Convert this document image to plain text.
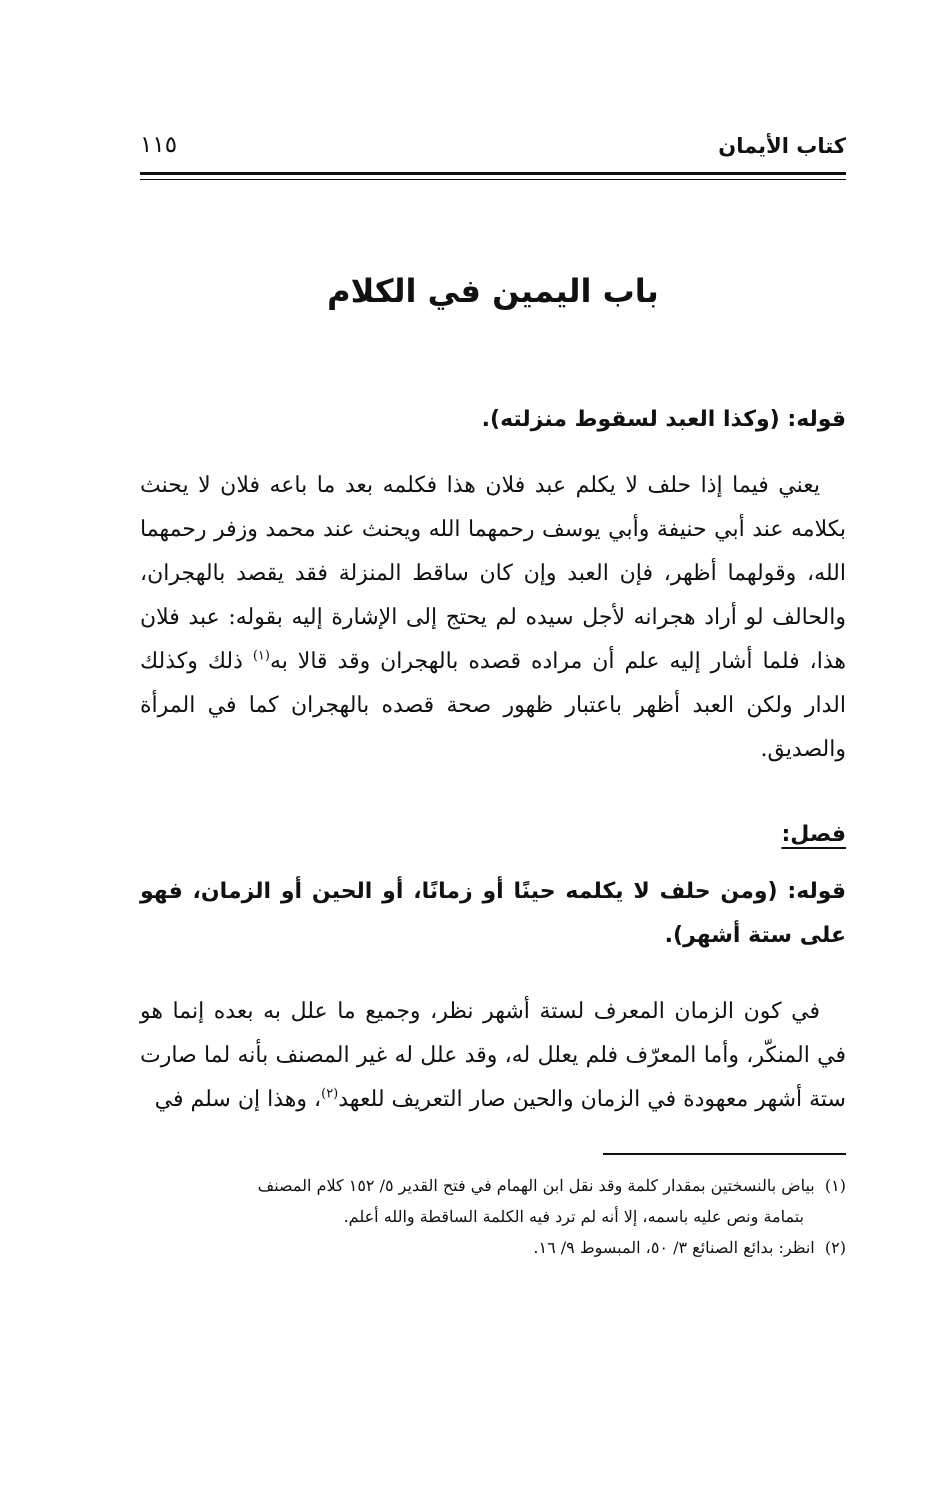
كتاب الأيمان
١١٥
باب اليمين في الكلام
قوله: (وكذا العبد لسقوط منزلته).
يعني فيما إذا حلف لا يكلم عبد فلان هذا فكلمه بعد ما باعه فلان لا يحنث بكلامه عند أبي حنيفة وأبي يوسف رحمهما الله ويحنث عند محمد وزفر رحمهما الله، وقولهما أظهر، فإن العبد وإن كان ساقط المنزلة فقد يقصد بالهجران، والحالف لو أراد هجرانه لأجل سيده لم يحتج إلى الإشارة إليه بقوله: عبد فلان هذا، فلما أشار إليه علم أن مراده قصده بالهجران وقد قالا به$^{(١)}$ ذلك وكذلك الدار ولكن العبد أظهر باعتبار ظهور صحة قصده بالهجران كما في المرأة والصديق.
فصل:
قوله: (ومن حلف لا يكلمه حينًا أو زمانًا، أو الحين أو الزمان، فهو على ستة أشهر).
في كون الزمان المعرف لستة أشهر نظر، وجميع ما علل به بعده إنما هو في المنكّر، وأما المعرّف فلم يعلل له، وقد علل له غير المصنف بأنه لما صارت ستة أشهر معهودة في الزمان والحين صار التعريف للعهد$^{(٢)}$، وهذا إن سلم في

(١)  بياض بالنسختين بمقدار كلمة وقد نقل ابن الهمام في فتح القدير ٥/ ١٥٢ كلام المصنف

بتمامة ونص عليه باسمه، إلا أنه لم ترد فيه الكلمة الساقطة والله أعلم.

(٢)  انظر: بدائع الصنائع ٣/ ٥٠، المبسوط ٩/ ١٦.
